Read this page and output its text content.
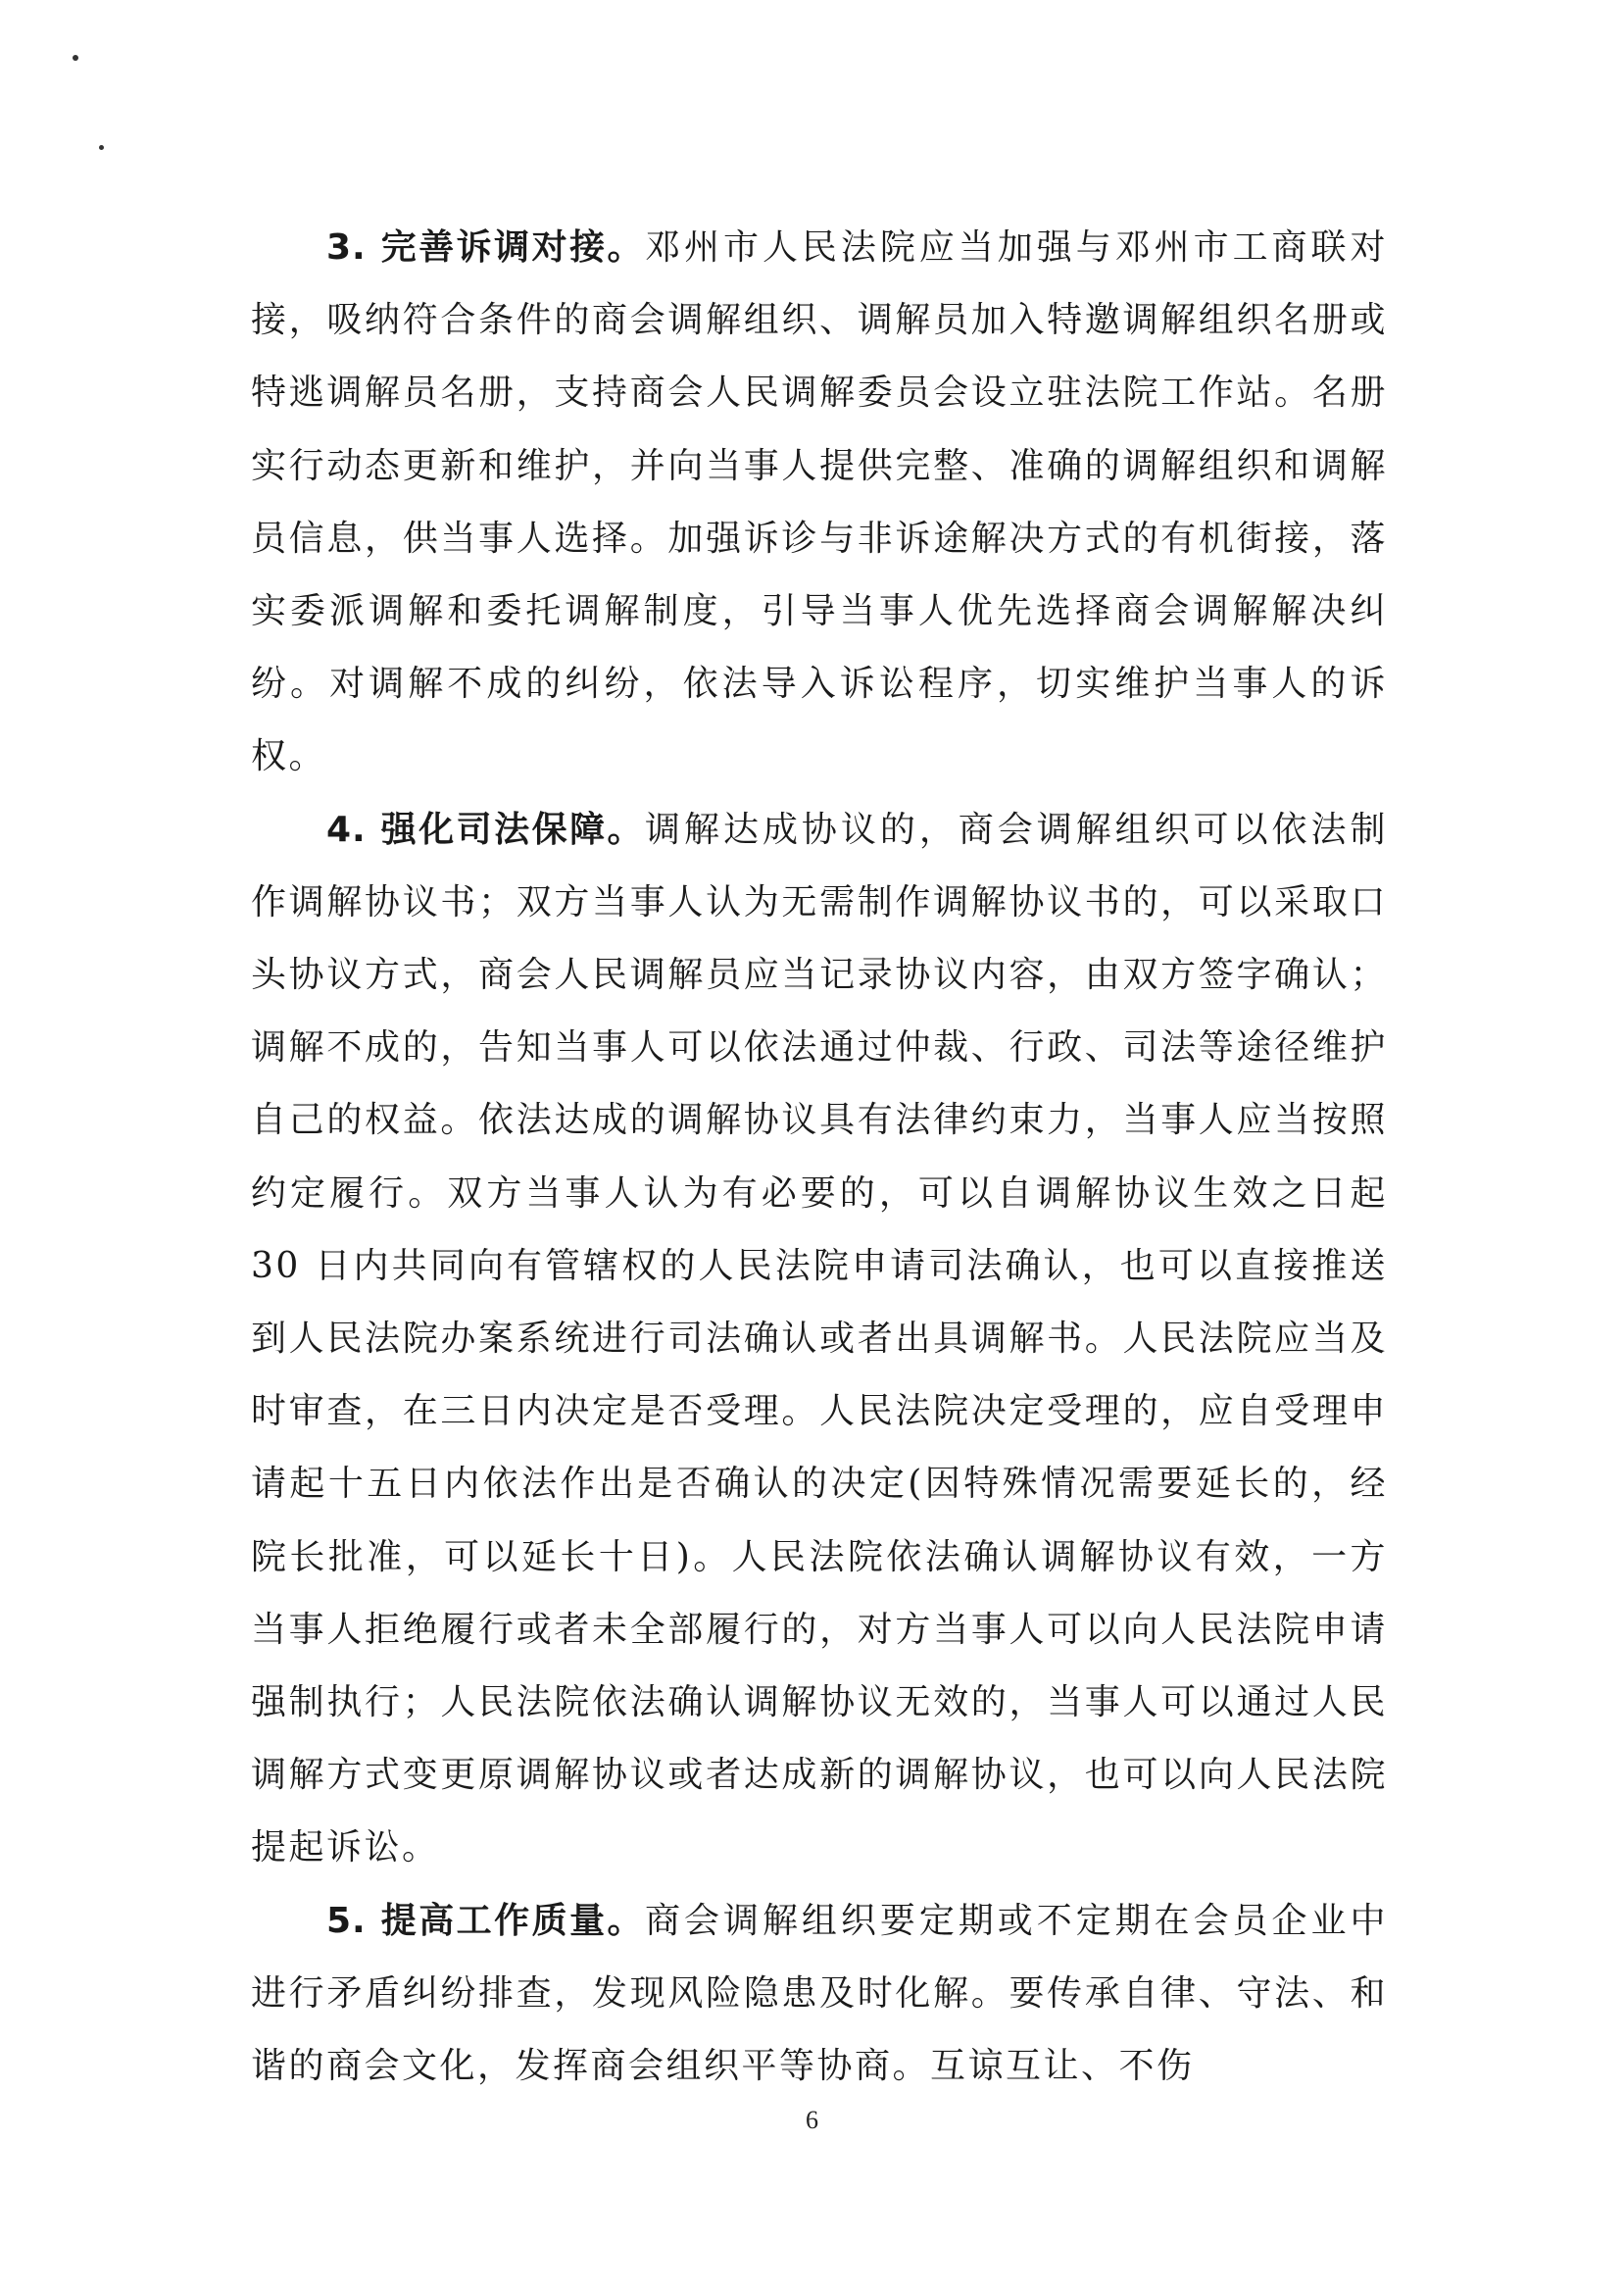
3. 完善诉调对接。邓州市人民法院应当加强与邓州市工商联对接，吸纳符合条件的商会调解组织、调解员加入特邀调解组织名册或特逃调解员名册，支持商会人民调解委员会设立驻法院工作站。名册实行动态更新和维护，并向当事人提供完整、准确的调解组织和调解员信息，供当事人选择。加强诉诊与非诉途解决方式的有机街接，落实委派调解和委托调解制度，引导当事人优先选择商会调解解决纠纷。对调解不成的纠纷，依法导入诉讼程序，切实维护当事人的诉权。

4. 强化司法保障。调解达成协议的，商会调解组织可以依法制作调解协议书；双方当事人认为无需制作调解协议书的，可以采取口头协议方式，商会人民调解员应当记录协议内容，由双方签字确认；调解不成的，告知当事人可以依法通过仲裁、行政、司法等途径维护自己的权益。依法达成的调解协议具有法律约束力，当事人应当按照约定履行。双方当事人认为有必要的，可以自调解协议生效之日起 30 日内共同向有管辖权的人民法院申请司法确认，也可以直接推送到人民法院办案系统进行司法确认或者出具调解书。人民法院应当及时审查，在三日内决定是否受理。人民法院决定受理的，应自受理申请起十五日内依法作出是否确认的决定(因特殊情况需要延长的，经院长批准，可以延长十日)。人民法院依法确认调解协议有效，一方当事人拒绝履行或者未全部履行的，对方当事人可以向人民法院申请强制执行；人民法院依法确认调解协议无效的，当事人可以通过人民调解方式变更原调解协议或者达成新的调解协议，也可以向人民法院提起诉讼。

5. 提高工作质量。商会调解组织要定期或不定期在会员企业中进行矛盾纠纷排查，发现风险隐患及时化解。要传承自律、守法、和谐的商会文化，发挥商会组织平等协商。互谅互让、不伤

6
